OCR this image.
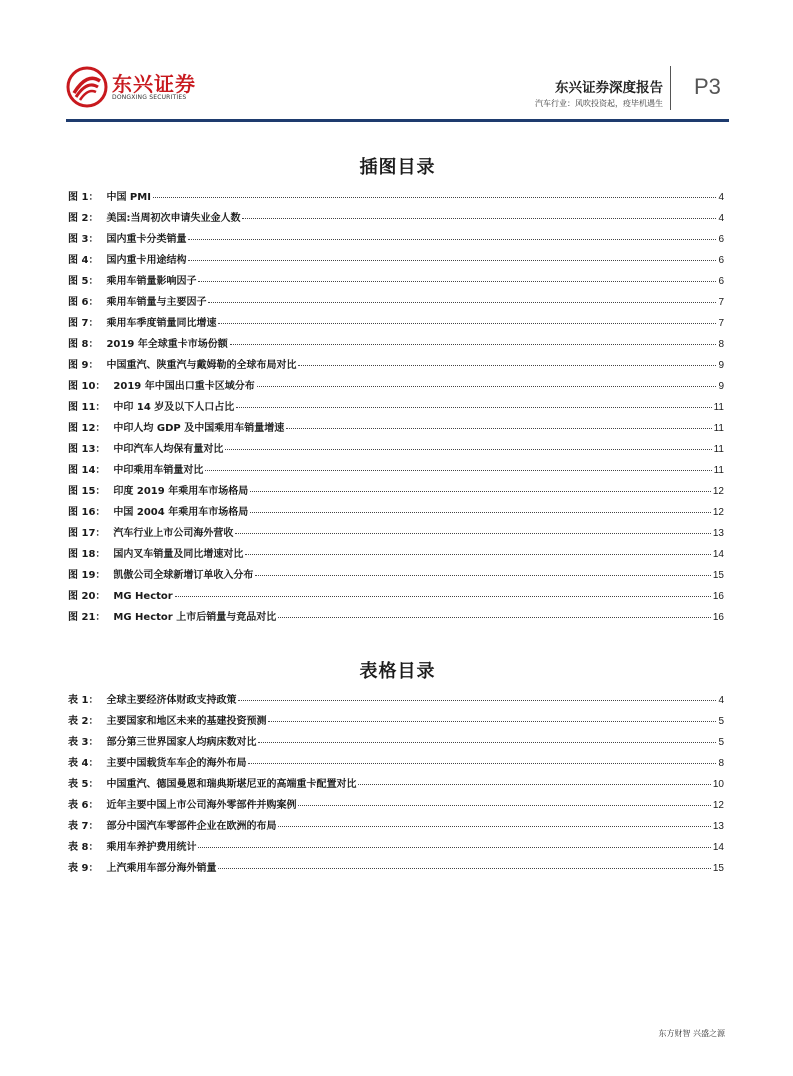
东兴证券
DONGXING SECURITIES
东兴证券深度报告
汽车行业：风吹投资起，疫毕机遇生
P3
插图目录
图 1： 中国 PMI	4
图 2： 美国:当周初次申请失业金人数	4
图 3： 国内重卡分类销量	6
图 4： 国内重卡用途结构	6
图 5： 乘用车销量影响因子	6
图 6： 乘用车销量与主要因子	7
图 7： 乘用车季度销量同比增速	7
图 8： 2019 年全球重卡市场份额	8
图 9： 中国重汽、陕重汽与戴姆勒的全球布局对比	9
图 10： 2019 年中国出口重卡区域分布	9
图 11： 中印 14 岁及以下人口占比	11
图 12： 中印人均 GDP 及中国乘用车销量增速	11
图 13： 中印汽车人均保有量对比	11
图 14： 中印乘用车销量对比	11
图 15： 印度 2019 年乘用车市场格局	12
图 16： 中国 2004 年乘用车市场格局	12
图 17： 汽车行业上市公司海外营收	13
图 18： 国内叉车销量及同比增速对比	14
图 19： 凯傲公司全球新增订单收入分布	15
图 20： MG Hector	16
图 21： MG Hector 上市后销量与竞品对比	16
表格目录
表 1： 全球主要经济体财政支持政策	4
表 2： 主要国家和地区未来的基建投资预测	5
表 3： 部分第三世界国家人均病床数对比	5
表 4： 主要中国载货车车企的海外布局	8
表 5： 中国重汽、德国曼恩和瑞典斯堪尼亚的高端重卡配置对比	10
表 6： 近年主要中国上市公司海外零部件并购案例	12
表 7： 部分中国汽车零部件企业在欧洲的布局	13
表 8： 乘用车养护费用统计	14
表 9： 上汽乘用车部分海外销量	15
东方财智 兴盛之源
